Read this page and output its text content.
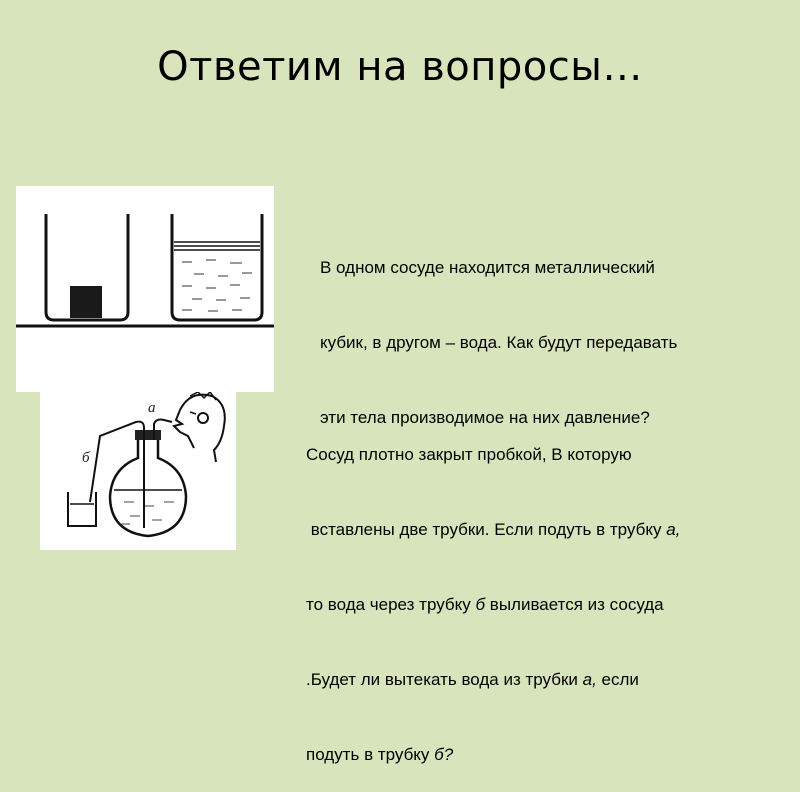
Ответим на вопросы…
а
б

В одном сосуде находится металлический

кубик, в другом – вода. Как будут передавать

эти тела производимое на них давление?

Сосуд плотно закрыт пробкой, В которую

вставлены две трубки. Если подуть в трубку а,

то вода через трубку б выливается из сосуда

.Будет ли вытекать вода из трубки а, если

подуть в трубку б?
